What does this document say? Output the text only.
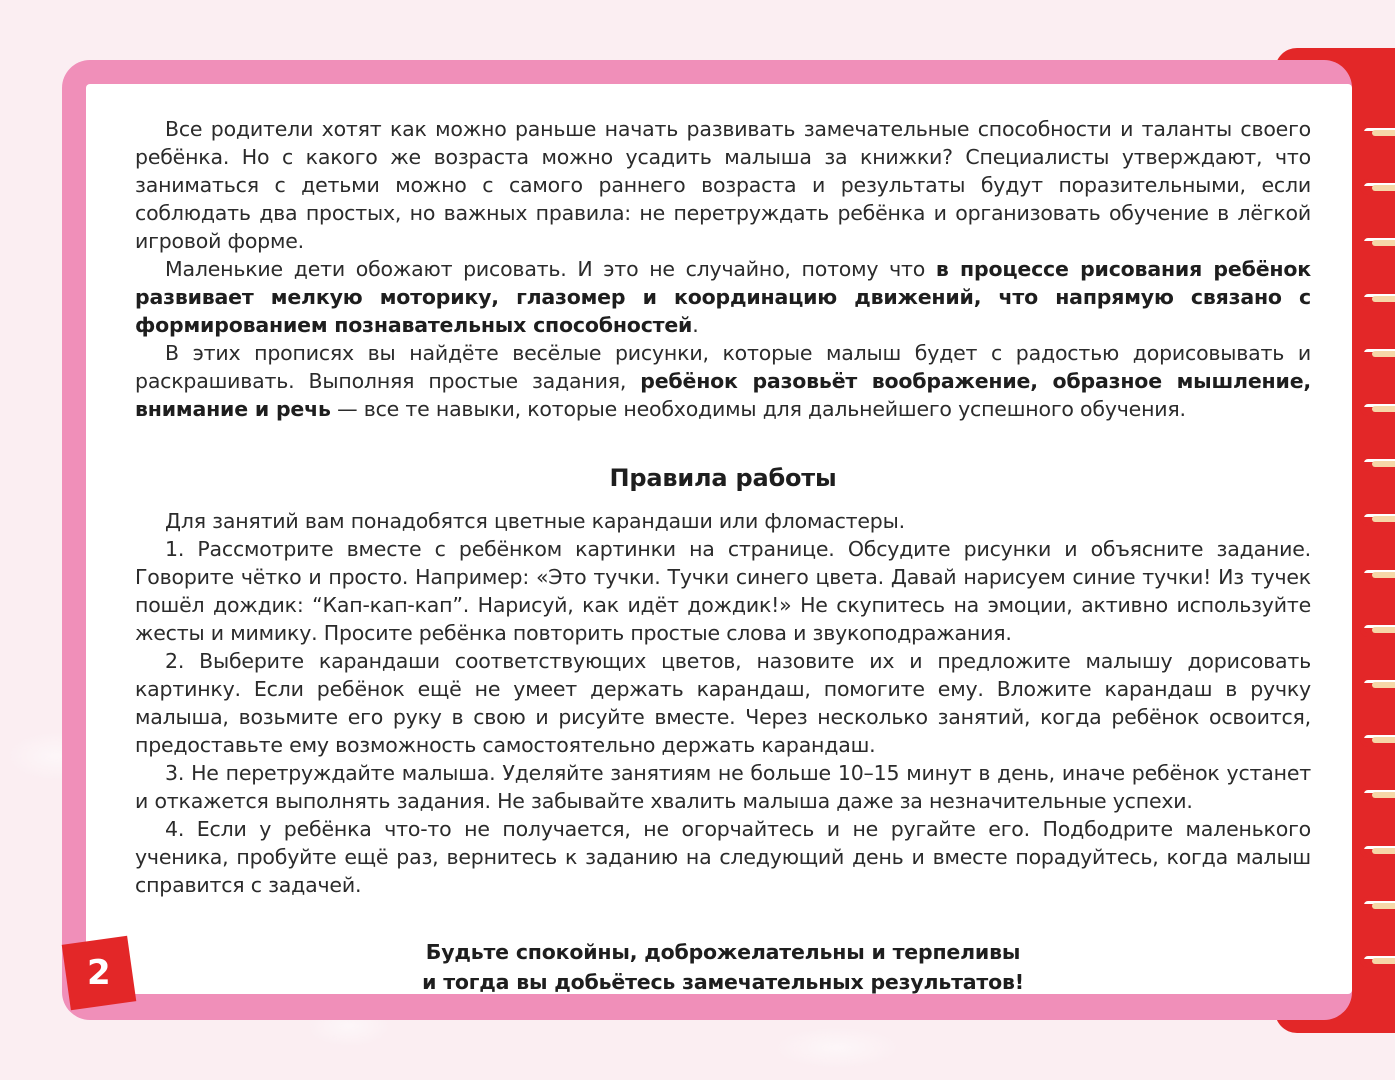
Все родители хотят как можно раньше начать развивать замечательные способности и таланты своего ребёнка. Но с какого же возраста можно усадить малыша за книжки? Специалисты утверждают, что заниматься с детьми можно с самого раннего возраста и результаты будут поразительными, если соблюдать два простых, но важных правила: не перетруждать ребёнка и организовать обучение в лёгкой игровой форме.

Маленькие дети обожают рисовать. И это не случайно, потому что в процессе рисования ребёнок развивает мелкую моторику, глазомер и координацию движений, что напрямую связано с формированием познавательных способностей.

В этих прописях вы найдёте весёлые рисунки, которые малыш будет с радостью дорисовывать и раскрашивать. Выполняя простые задания, ребёнок разовьёт воображение, образное мышление, внимание и речь — все те навыки, которые необходимы для дальнейшего успешного обучения.

Правила работы

Для занятий вам понадобятся цветные карандаши или фломастеры.

1. Рассмотрите вместе с ребёнком картинки на странице. Обсудите рисунки и объясните задание. Говорите чётко и просто. Например: «Это тучки. Тучки синего цвета. Давай нарисуем синие тучки! Из тучек пошёл дождик: “Кап-кап-кап”. Нарисуй, как идёт дождик!» Не скупитесь на эмоции, активно используйте жесты и мимику. Просите ребёнка повторить простые слова и звукоподражания.

2. Выберите карандаши соответствующих цветов, назовите их и предложите малышу дорисовать картинку. Если ребёнок ещё не умеет держать карандаш, помогите ему. Вложите карандаш в ручку малыша, возьмите его руку в свою и рисуйте вместе. Через несколько занятий, когда ребёнок освоится, предоставьте ему возможность самостоятельно держать карандаш.

3. Не перетруждайте малыша. Уделяйте занятиям не больше 10–15 минут в день, иначе ребёнок устанет и откажется выполнять задания. Не забывайте хвалить малыша даже за незначительные успехи.

4. Если у ребёнка что-то не получается, не огорчайтесь и не ругайте его. Подбодрите маленького ученика, пробуйте ещё раз, вернитесь к заданию на следующий день и вместе порадуйтесь, когда малыш справится с задачей.

Будьте спокойны, доброжелательны и терпеливы
и тогда вы добьётесь замечательных результатов!
2
